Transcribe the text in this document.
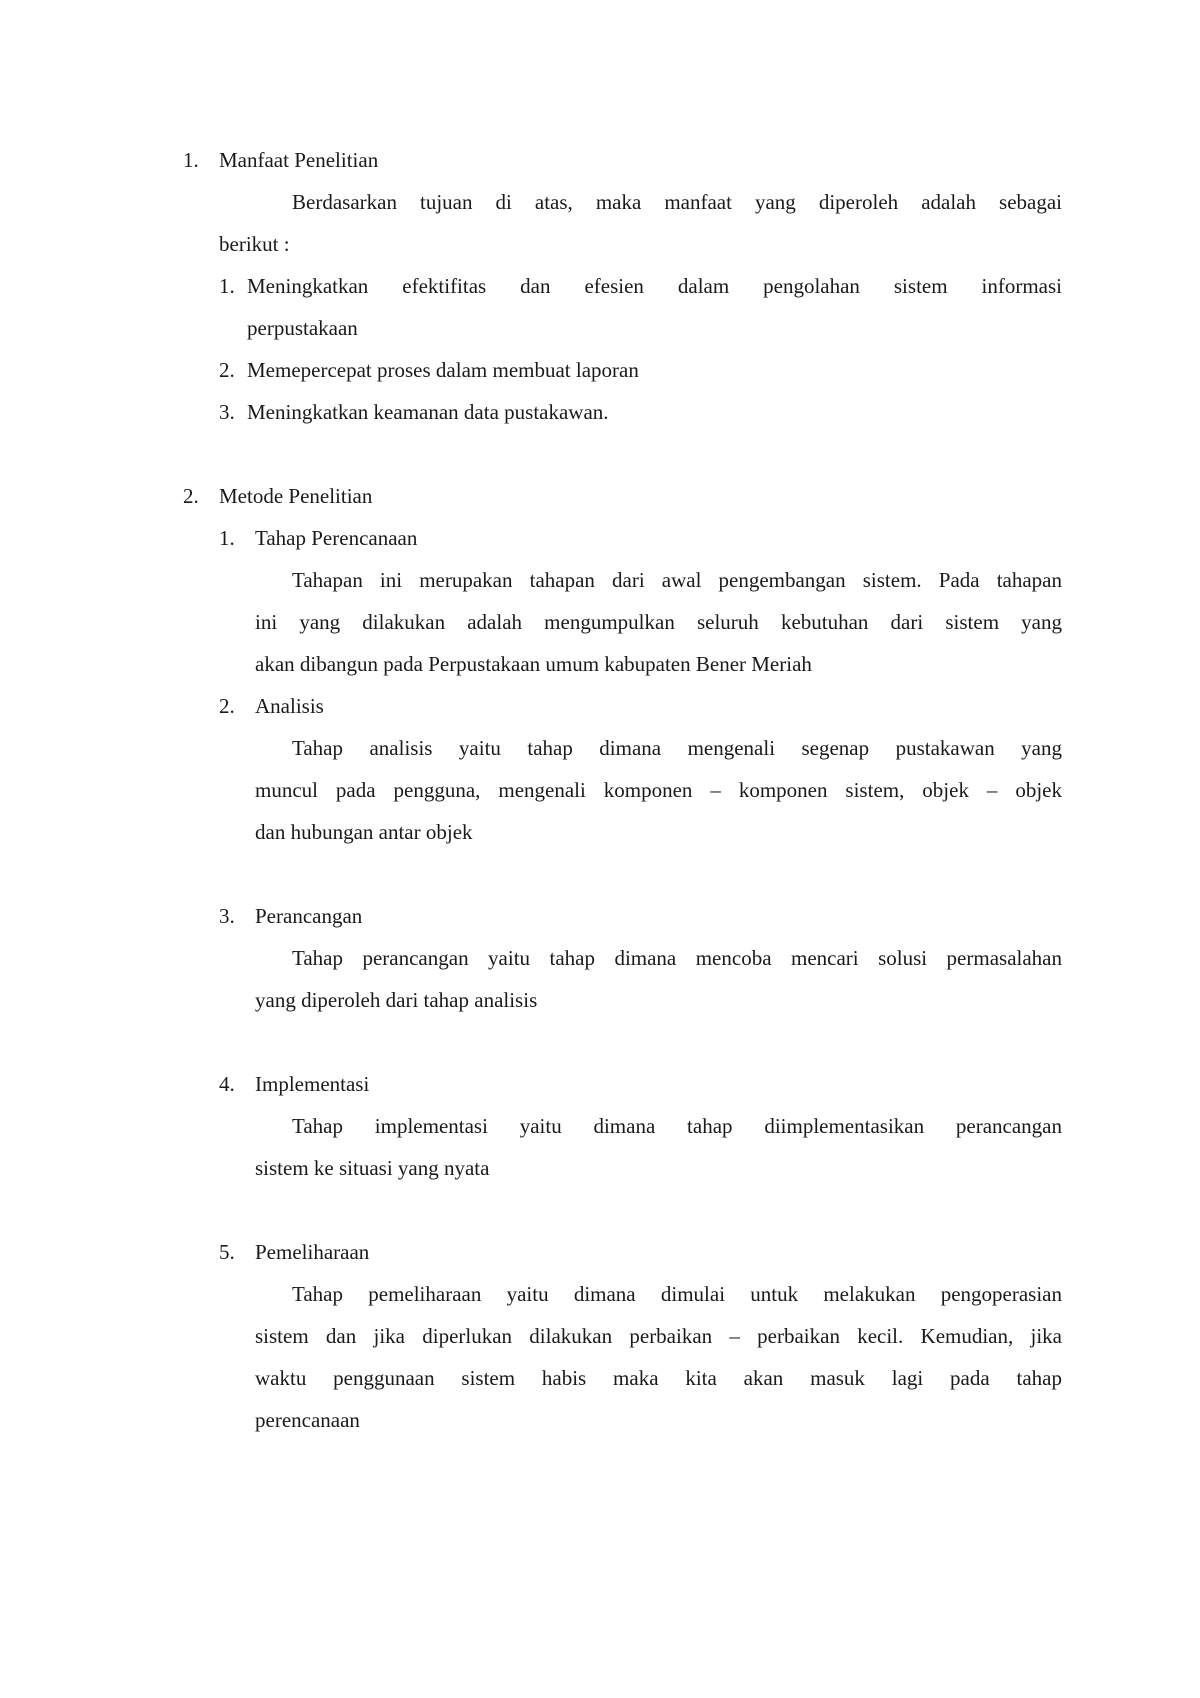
1. Manfaat Penelitian
Berdasarkan tujuan di atas, maka manfaat yang diperoleh adalah sebagai
berikut :
1. Meningkatkan efektifitas dan efesien dalam pengolahan sistem informasi
perpustakaan
2. Memepercepat proses dalam membuat laporan
3. Meningkatkan keamanan data pustakawan.
2. Metode Penelitian
1. Tahap Perencanaan
Tahapan ini merupakan tahapan dari awal pengembangan sistem. Pada tahapan
ini yang dilakukan adalah mengumpulkan seluruh kebutuhan dari sistem yang
akan dibangun pada Perpustakaan umum kabupaten Bener Meriah
2. Analisis
Tahap analisis yaitu tahap dimana mengenali segenap pustakawan yang
muncul pada pengguna, mengenali komponen – komponen sistem, objek – objek
dan hubungan antar objek
3. Perancangan
Tahap perancangan yaitu tahap dimana mencoba mencari solusi permasalahan
yang diperoleh dari tahap analisis
4. Implementasi
Tahap implementasi yaitu dimana tahap diimplementasikan perancangan
sistem ke situasi yang nyata
5. Pemeliharaan
Tahap pemeliharaan yaitu dimana dimulai untuk melakukan pengoperasian
sistem dan jika diperlukan dilakukan perbaikan – perbaikan kecil. Kemudian, jika
waktu penggunaan sistem habis maka kita akan masuk lagi pada tahap
perencanaan
